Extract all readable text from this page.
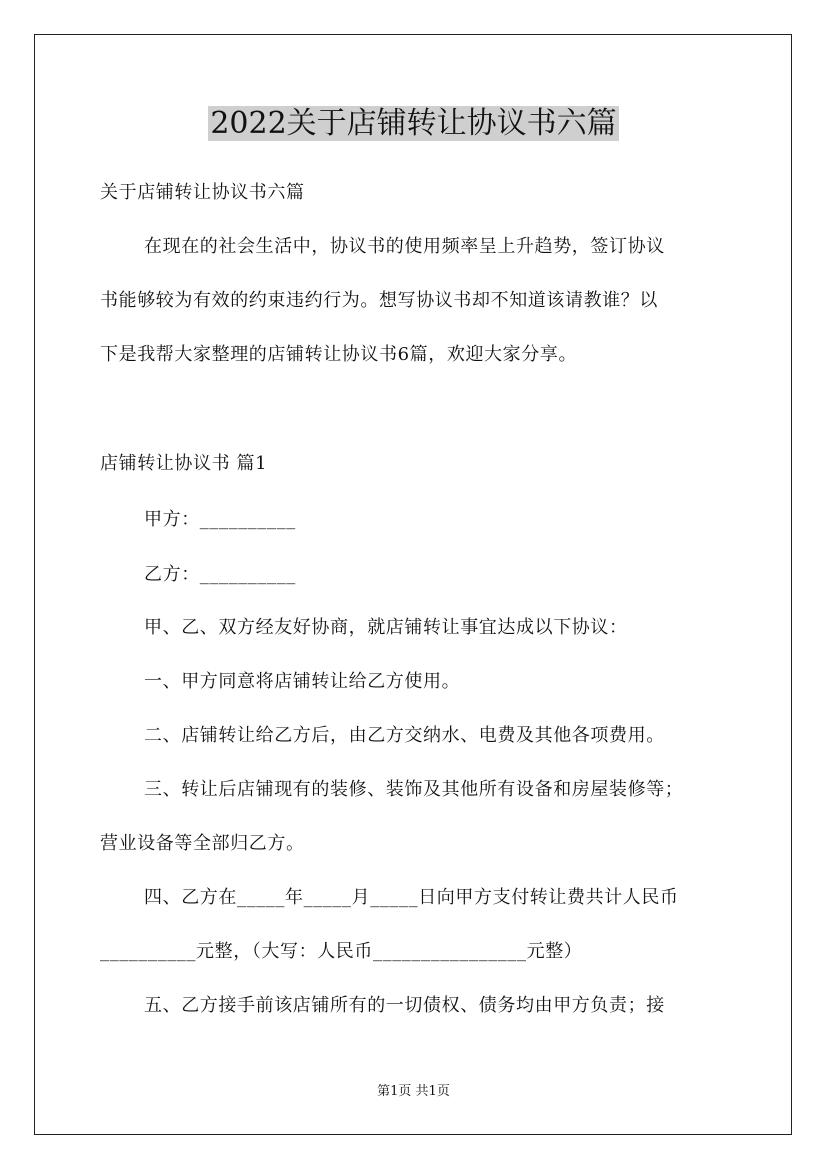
2022关于店铺转让协议书六篇
关于店铺转让协议书六篇
在现在的社会生活中，协议书的使用频率呈上升趋势，签订协议
书能够较为有效的约束违约行为。想写协议书却不知道该请教谁？以
下是我帮大家整理的店铺转让协议书6篇，欢迎大家分享。
店铺转让协议书 篇1
甲方：__________
乙方：__________
甲、乙、双方经友好协商，就店铺转让事宜达成以下协议：
一、甲方同意将店铺转让给乙方使用。
二、店铺转让给乙方后，由乙方交纳水、电费及其他各项费用。
三、转让后店铺现有的装修、装饰及其他所有设备和房屋装修等；
营业设备等全部归乙方。
四、乙方在_____年_____月_____日向甲方支付转让费共计人民币
__________元整，（大写：人民币________________元整）
五、乙方接手前该店铺所有的一切债权、债务均由甲方负责；接
第1页 共1页
